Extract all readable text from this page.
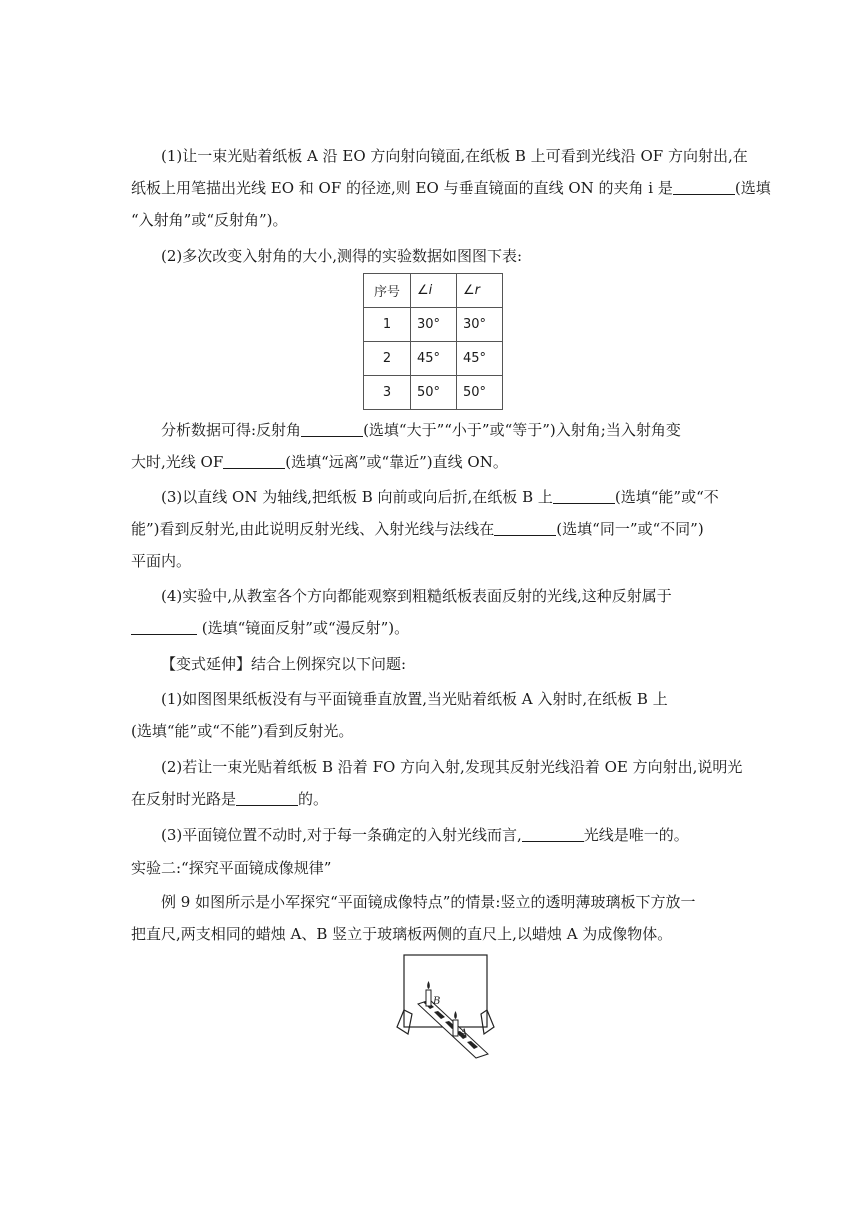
(1)让一束光贴着纸板 A 沿 EO 方向射向镜面,在纸板 B 上可看到光线沿 OF 方向射出,在
纸板上用笔描出光线 EO 和 OF 的径迹,则 EO 与垂直镜面的直线 ON 的夹角 i 是	(选填
“入射角”或“反射角”)。
(2)多次改变入射角的大小,测得的实验数据如图图下表:
序号	∠i	∠r
1	30°	30°
2	45°	45°
3	50°	50°
分析数据可得:反射角	(选填“大于”“小于”或“等于”)入射角;当入射角变
大时,光线 OF	(选填“远离”或“靠近”)直线 ON。
(3)以直线 ON 为轴线,把纸板 B 向前或向后折,在纸板 B 上	(选填“能”或“不
能”)看到反射光,由此说明反射光线、入射光线与法线在	(选填“同一”或“不同”)
平面内。
(4)实验中,从教室各个方向都能观察到粗糙纸板表面反射的光线,这种反射属于
(选填“镜面反射”或“漫反射”)。
【变式延伸】结合上例探究以下问题:
(1)如图图果纸板没有与平面镜垂直放置,当光贴着纸板 A 入射时,在纸板 B 上
(选填“能”或“不能”)看到反射光。
(2)若让一束光贴着纸板 B 沿着 FO 方向入射,发现其反射光线沿着 OE 方向射出,说明光
在反射时光路是	的。
(3)平面镜位置不动时,对于每一条确定的入射光线而言,	光线是唯一的。
实验二:“探究平面镜成像规律”
例 9 如图所示是小军探究“平面镜成像特点”的情景:竖立的透明薄玻璃板下方放一
把直尺,两支相同的蜡烛 A、B 竖立于玻璃板两侧的直尺上,以蜡烛 A 为成像物体。
B
A
